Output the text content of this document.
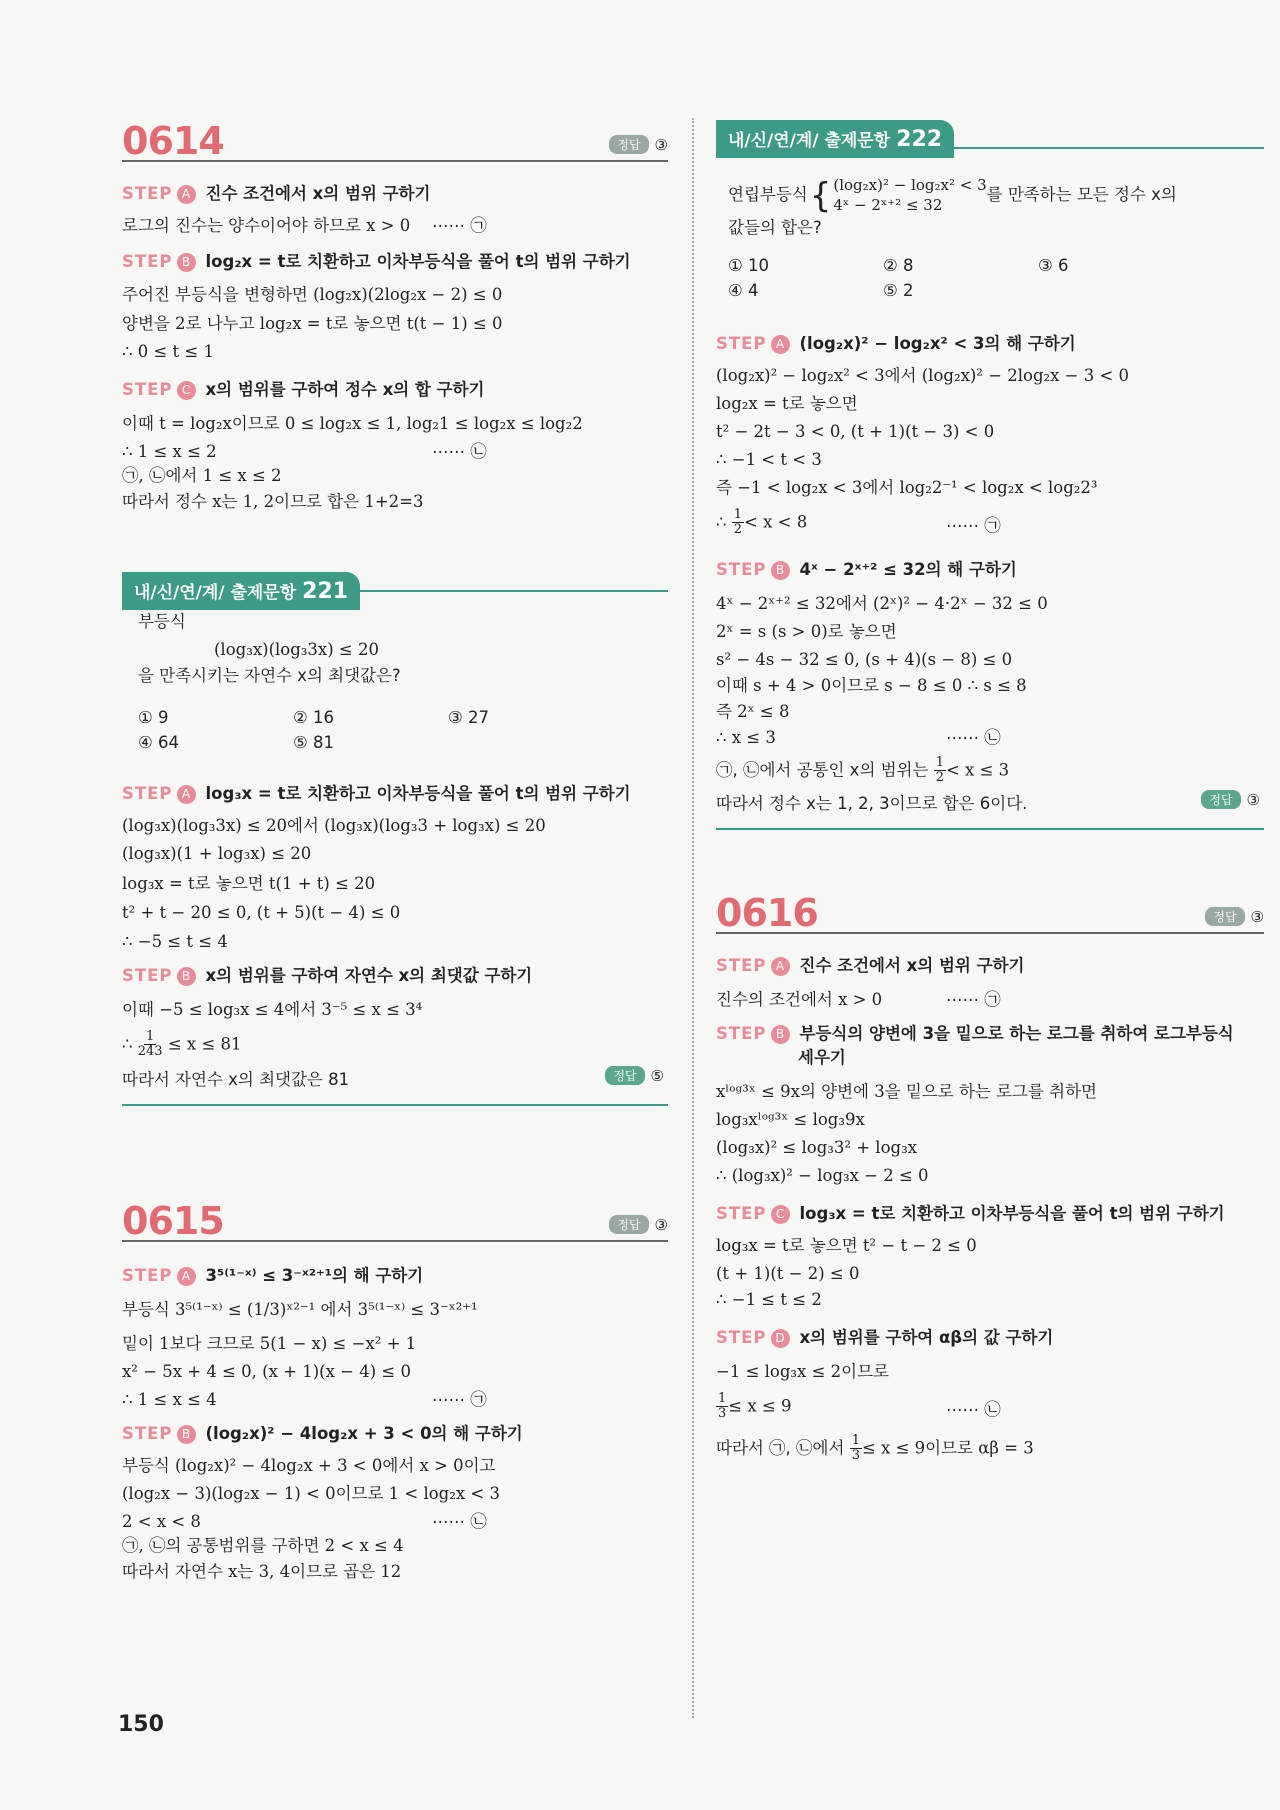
0614	정답 ③
STEP A 진수 조건에서 x의 범위 구하기
로그의 진수는 양수이어야 하므로 x > 0 ⋯⋯ ㉠
STEP B log₂x = t로 치환하고 이차부등식을 풀어 t의 범위 구하기
주어진 부등식을 변형하면 (log₂x)(2log₂x − 2) ≤ 0
양변을 2로 나누고 log₂x = t로 놓으면 t(t − 1) ≤ 0
∴ 0 ≤ t ≤ 1
STEP C x의 범위를 구하여 정수 x의 합 구하기
이때 t = log₂x이므로 0 ≤ log₂x ≤ 1, log₂1 ≤ log₂x ≤ log₂2
∴ 1 ≤ x ≤ 2	⋯⋯ ㉡
㉠, ㉡에서 1 ≤ x ≤ 2
따라서 정수 x는 1, 2이므로 합은 1+2=3
내/신/연/계/ 출제문항 221
부등식
(log₃x)(log₃3x) ≤ 20
을 만족시키는 자연수 x의 최댓값은?
① 9	② 16	③ 27
④ 64	⑤ 81
STEP A log₃x = t로 치환하고 이차부등식을 풀어 t의 범위 구하기
(log₃x)(log₃3x) ≤ 20에서 (log₃x)(log₃3 + log₃x) ≤ 20
(log₃x)(1 + log₃x) ≤ 20
log₃x = t로 놓으면 t(1 + t) ≤ 20
t² + t − 20 ≤ 0, (t + 5)(t − 4) ≤ 0
∴ −5 ≤ t ≤ 4
STEP B x의 범위를 구하여 자연수 x의 최댓값 구하기
이때 −5 ≤ log₃x ≤ 4에서 3⁻⁵ ≤ x ≤ 3⁴
∴ $\frac{1}{243} \le x \le 81$
따라서 자연수 x의 최댓값은 81	정답 ⑤
0615	정답 ③
STEP A 3⁵⁽¹⁻ˣ⁾ ≤ 3⁻ˣ²⁺¹의 해 구하기
부등식 3⁵⁽¹⁻ˣ⁾ ≤ (1/3)ˣ²⁻¹ 에서 3⁵⁽¹⁻ˣ⁾ ≤ 3⁻ˣ²⁺¹
밑이 1보다 크므로 5(1 − x) ≤ −x² + 1
x² − 5x + 4 ≤ 0, (x + 1)(x − 4) ≤ 0
∴ 1 ≤ x ≤ 4	⋯⋯ ㉠
STEP B (log₂x)² − 4log₂x + 3 < 0의 해 구하기
부등식 (log₂x)² − 4log₂x + 3 < 0에서 x > 0이고
(log₂x − 3)(log₂x − 1) < 0이므로 1 < log₂x < 3
2 < x < 8	⋯⋯ ㉡
㉠, ㉡의 공통범위를 구하면 2 < x ≤ 4
따라서 자연수 x는 3, 4이므로 곱은 12
내/신/연/계/ 출제문항 222
연립부등식 { (log₂x)² − log₂x² < 3
4ˣ − 2ˣ⁺² ≤ 32
를 만족하는 모든 정수 x의
값들의 합은?
① 10	② 8	③ 6
④ 4	⑤ 2
STEP A (log₂x)² − log₂x² < 3의 해 구하기
(log₂x)² − log₂x² < 3에서 (log₂x)² − 2log₂x − 3 < 0
log₂x = t로 놓으면
t² − 2t − 3 < 0, (t + 1)(t − 3) < 0
∴ −1 < t < 3
즉 −1 < log₂x < 3에서 log₂2⁻¹ < log₂x < log₂2³
∴ $\frac{1}{2} < x < 8$	⋯⋯ ㉠
STEP B 4ˣ − 2ˣ⁺² ≤ 32의 해 구하기
4ˣ − 2ˣ⁺² ≤ 32에서 (2ˣ)² − 4·2ˣ − 32 ≤ 0
2ˣ = s (s > 0)로 놓으면
s² − 4s − 32 ≤ 0, (s + 4)(s − 8) ≤ 0
이때 s + 4 > 0이므로 s − 8 ≤ 0 ∴ s ≤ 8
즉 2ˣ ≤ 8
∴ x ≤ 3	⋯⋯ ㉡
㉠, ㉡에서 공통인 x의 범위는 $\frac{1}{2} < x \le 3$
따라서 정수 x는 1, 2, 3이므로 합은 6이다.	정답 ③
0616	정답 ③
STEP A 진수 조건에서 x의 범위 구하기
진수의 조건에서 x > 0	⋯⋯ ㉠
STEP B 부등식의 양변에 3을 밑으로 하는 로그를 취하여 로그부등식
세우기
xˡᵒᵍ³ˣ ≤ 9x의 양변에 3을 밑으로 하는 로그를 취하면
log₃xˡᵒᵍ³ˣ ≤ log₃9x
(log₃x)² ≤ log₃3² + log₃x
∴ (log₃x)² − log₃x − 2 ≤ 0
STEP C log₃x = t로 치환하고 이차부등식을 풀어 t의 범위 구하기
log₃x = t로 놓으면 t² − t − 2 ≤ 0
(t + 1)(t − 2) ≤ 0
∴ −1 ≤ t ≤ 2
STEP D x의 범위를 구하여 αβ의 값 구하기
−1 ≤ log₃x ≤ 2이므로
$\frac{1}{3} \le x \le 9$	⋯⋯ ㉡
따라서 ㉠, ㉡에서 $\frac{1}{3} \le x \le 9$이므로 αβ = 3
150
